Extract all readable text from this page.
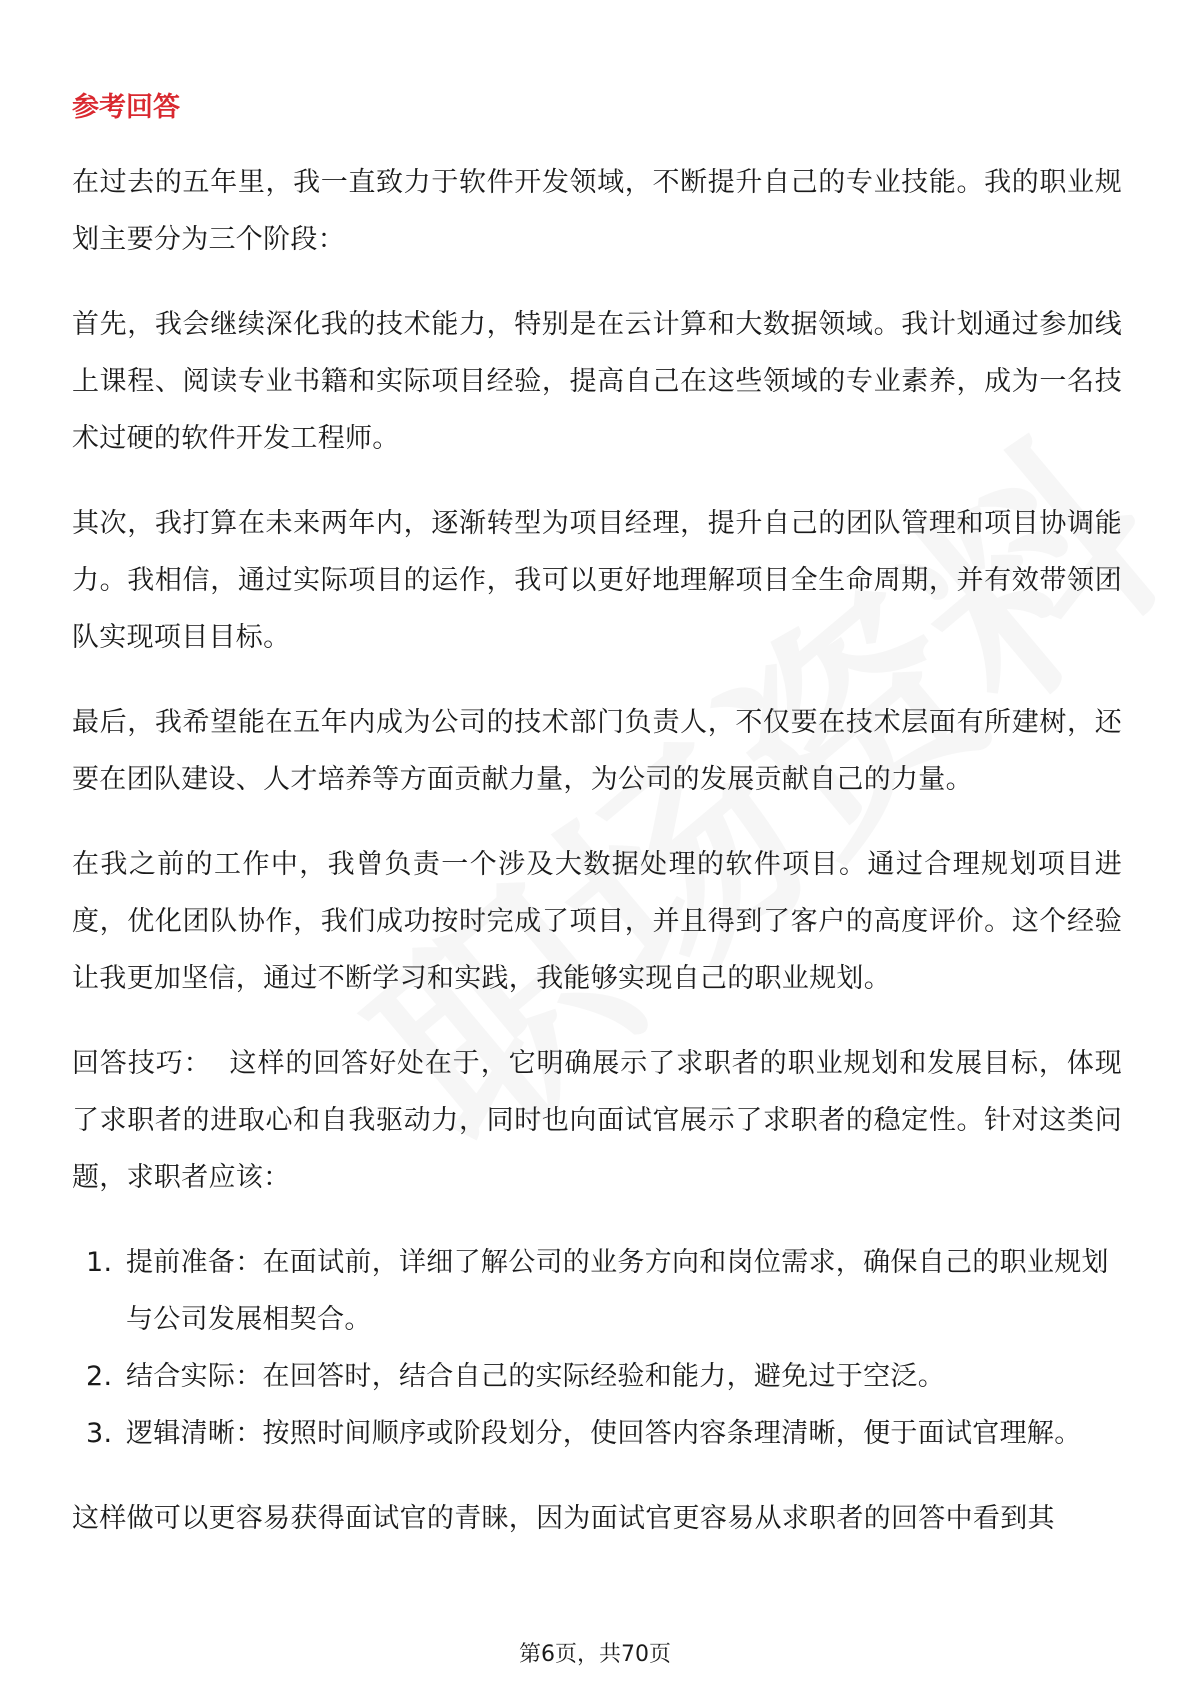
参考回答

在过去的五年里，我一直致力于软件开发领域，不断提升自己的专业技能。我的职业规划主要分为三个阶段：

首先，我会继续深化我的技术能力，特别是在云计算和大数据领域。我计划通过参加线上课程、阅读专业书籍和实际项目经验，提高自己在这些领域的专业素养，成为一名技术过硬的软件开发工程师。

其次，我打算在未来两年内，逐渐转型为项目经理，提升自己的团队管理和项目协调能力。我相信，通过实际项目的运作，我可以更好地理解项目全生命周期，并有效带领团队实现项目目标。

最后，我希望能在五年内成为公司的技术部门负责人，不仅要在技术层面有所建树，还要在团队建设、人才培养等方面贡献力量，为公司的发展贡献自己的力量。

在我之前的工作中，我曾负责一个涉及大数据处理的软件项目。通过合理规划项目进度，优化团队协作，我们成功按时完成了项目，并且得到了客户的高度评价。这个经验让我更加坚信，通过不断学习和实践，我能够实现自己的职业规划。

回答技巧： 这样的回答好处在于，它明确展示了求职者的职业规划和发展目标，体现了求职者的进取心和自我驱动力，同时也向面试官展示了求职者的稳定性。针对这类问题，求职者应该：

1. 提前准备：在面试前，详细了解公司的业务方向和岗位需求，确保自己的职业规划与公司发展相契合。
2. 结合实际：在回答时，结合自己的实际经验和能力，避免过于空泛。
3. 逻辑清晰：按照时间顺序或阶段划分，使回答内容条理清晰，便于面试官理解。

这样做可以更容易获得面试官的青睐，因为面试官更容易从求职者的回答中看到其

第6页，共70页
